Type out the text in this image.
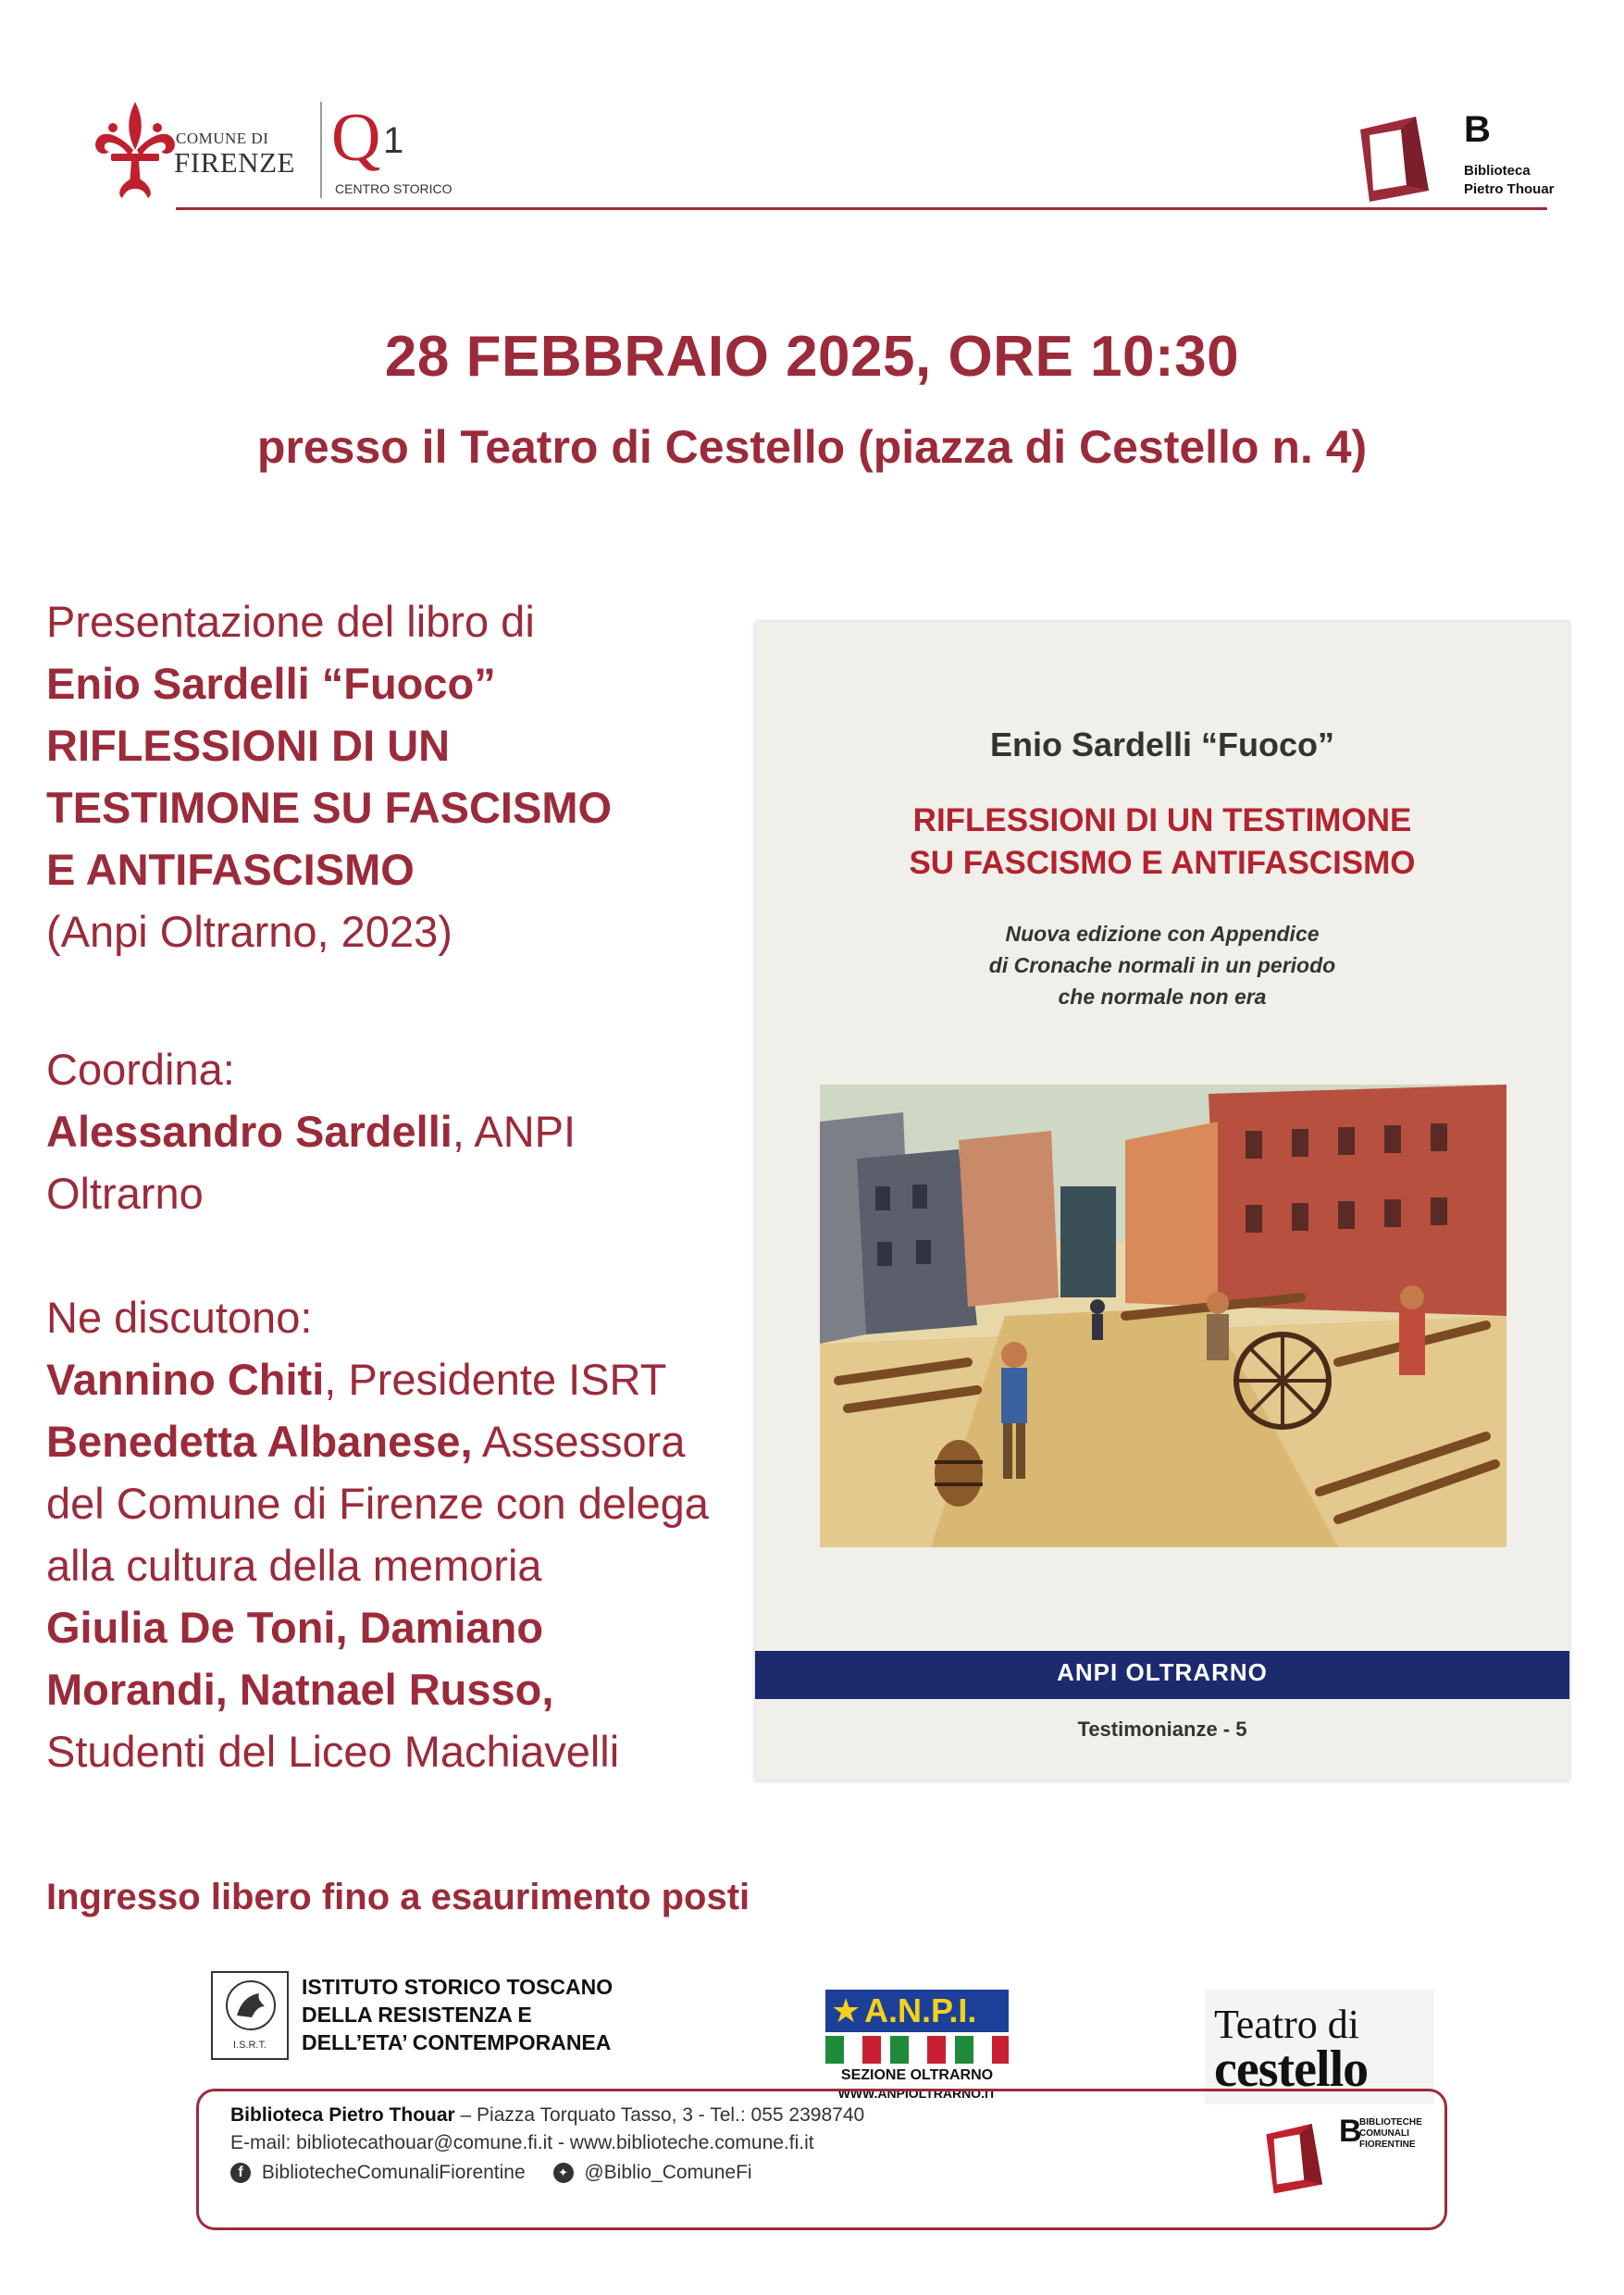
COMUNE DI
FIRENZE Q 1
CENTRO STORICO
B
Biblioteca
Pietro Thouar
28 FEBBRAIO 2025, ORE 10:30
presso il Teatro di Cestello (piazza di Cestello n. 4)
Presentazione del libro di
Enio Sardelli “Fuoco”
RIFLESSIONI DI UN
TESTIMONE SU FASCISMO
E ANTIFASCISMO
(Anpi Oltrarno, 2023)
Coordina:
Alessandro Sardelli, ANPI
Oltrarno
Ne discutono:
Vannino Chiti, Presidente ISRT
Benedetta Albanese, Assessora
del Comune di Firenze con delega
alla cultura della memoria
Giulia De Toni, Damiano
Morandi, Natnael Russo,
Studenti del Liceo Machiavelli
Enio Sardelli “Fuoco”
RIFLESSIONI DI UN TESTIMONE
SU FASCISMO E ANTIFASCISMO
Nuova edizione con Appendice
di Cronache normali in un periodo
che normale non era
ANPI OLTRARNO
Testimonianze - 5
Ingresso libero fino a esaurimento posti
I.S.R.T.
ISTITUTO STORICO TOSCANO
DELLA RESISTENZA E
DELL’ETA’ CONTEMPORANEA
★ A.N.P.I.
SEZIONE OLTRARNO
WWW.ANPIOLTRARNO.IT
Teatro di
cestello
Biblioteca Pietro Thouar – Piazza Torquato Tasso, 3 - Tel.: 055 2398740
E-mail: bibliotecathouar@comune.fi.it - www.biblioteche.comune.fi.it
f BibliotecheComunaliFiorentine	✦ @Biblio_ComuneFi
B
BIBLIOTECHE
COMUNALI
FIORENTINE
